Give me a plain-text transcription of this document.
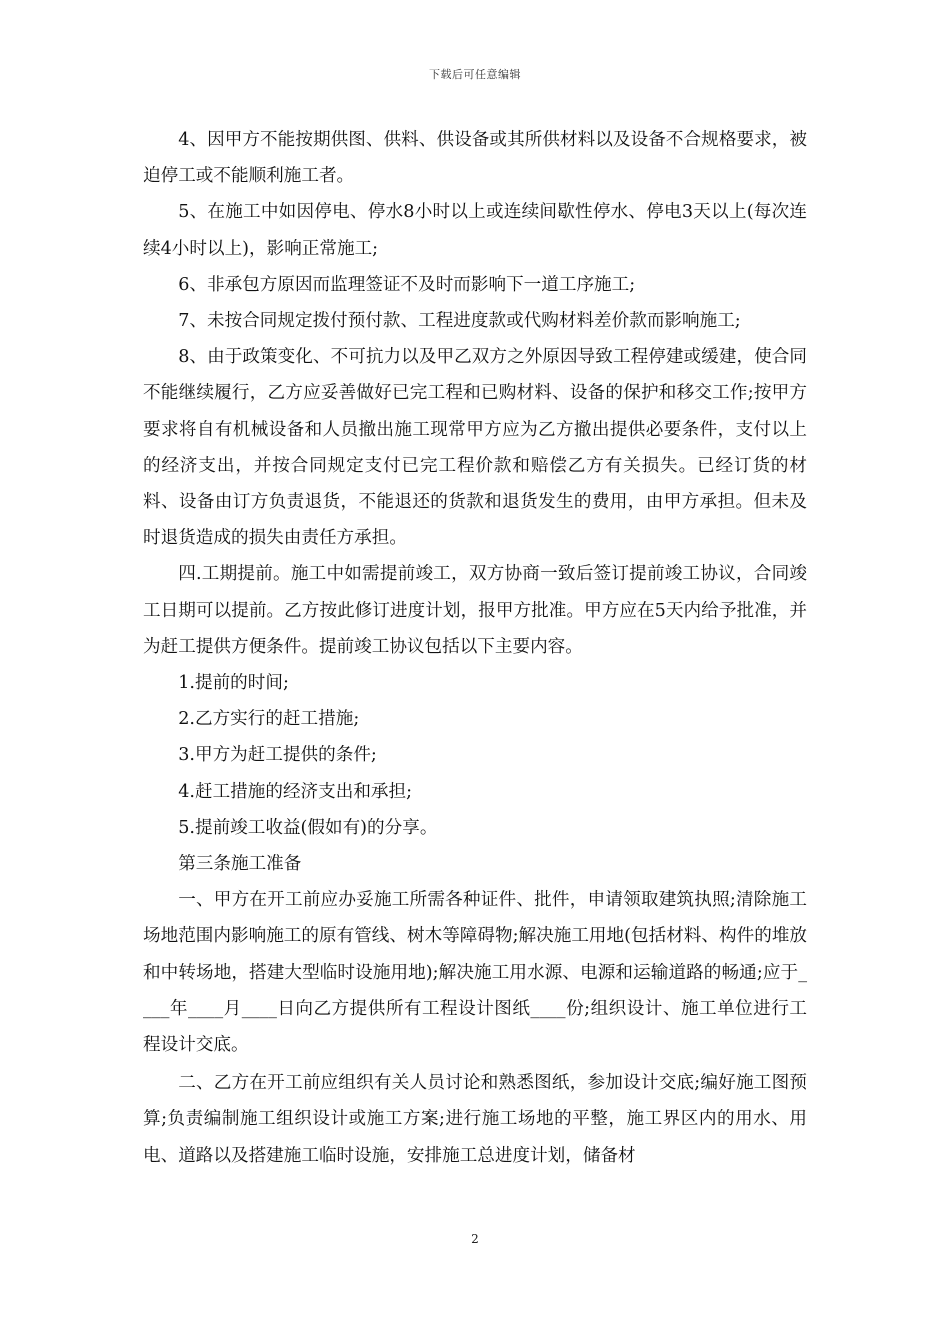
下载后可任意编辑

4、因甲方不能按期供图、供料、供设备或其所供材料以及设备不合规格要求，被迫停工或不能顺利施工者。

5、在施工中如因停电、停水8小时以上或连续间歇性停水、停电3天以上(每次连续4小时以上)，影响正常施工;

6、非承包方原因而监理签证不及时而影响下一道工序施工;

7、未按合同规定拨付预付款、工程进度款或代购材料差价款而影响施工;

8、由于政策变化、不可抗力以及甲乙双方之外原因导致工程停建或缓建，使合同不能继续履行，乙方应妥善做好已完工程和已购材料、设备的保护和移交工作;按甲方要求将自有机械设备和人员撤出施工现常甲方应为乙方撤出提供必要条件，支付以上的经济支出，并按合同规定支付已完工程价款和赔偿乙方有关损失。已经订货的材料、设备由订方负责退货，不能退还的货款和退货发生的费用，由甲方承担。但未及时退货造成的损失由责任方承担。

四.工期提前。施工中如需提前竣工，双方协商一致后签订提前竣工协议，合同竣工日期可以提前。乙方按此修订进度计划，报甲方批准。甲方应在5天内给予批准，并为赶工提供方便条件。提前竣工协议包括以下主要内容。

1.提前的时间;

2.乙方实行的赶工措施;

3.甲方为赶工提供的条件;

4.赶工措施的经济支出和承担;

5.提前竣工收益(假如有)的分享。

第三条施工准备

一、甲方在开工前应办妥施工所需各种证件、批件，申请领取建筑执照;清除施工场地范围内影响施工的原有管线、树木等障碍物;解决施工用地(包括材料、构件的堆放和中转场地，搭建大型临时设施用地);解决施工用水源、电源和运输道路的畅通;应于____年____月____日向乙方提供所有工程设计图纸____份;组织设计、施工单位进行工程设计交底。

二、乙方在开工前应组织有关人员讨论和熟悉图纸，参加设计交底;编好施工图预算;负责编制施工组织设计或施工方案;进行施工场地的平整，施工界区内的用水、用电、道路以及搭建施工临时设施，安排施工总进度计划，储备材

2
